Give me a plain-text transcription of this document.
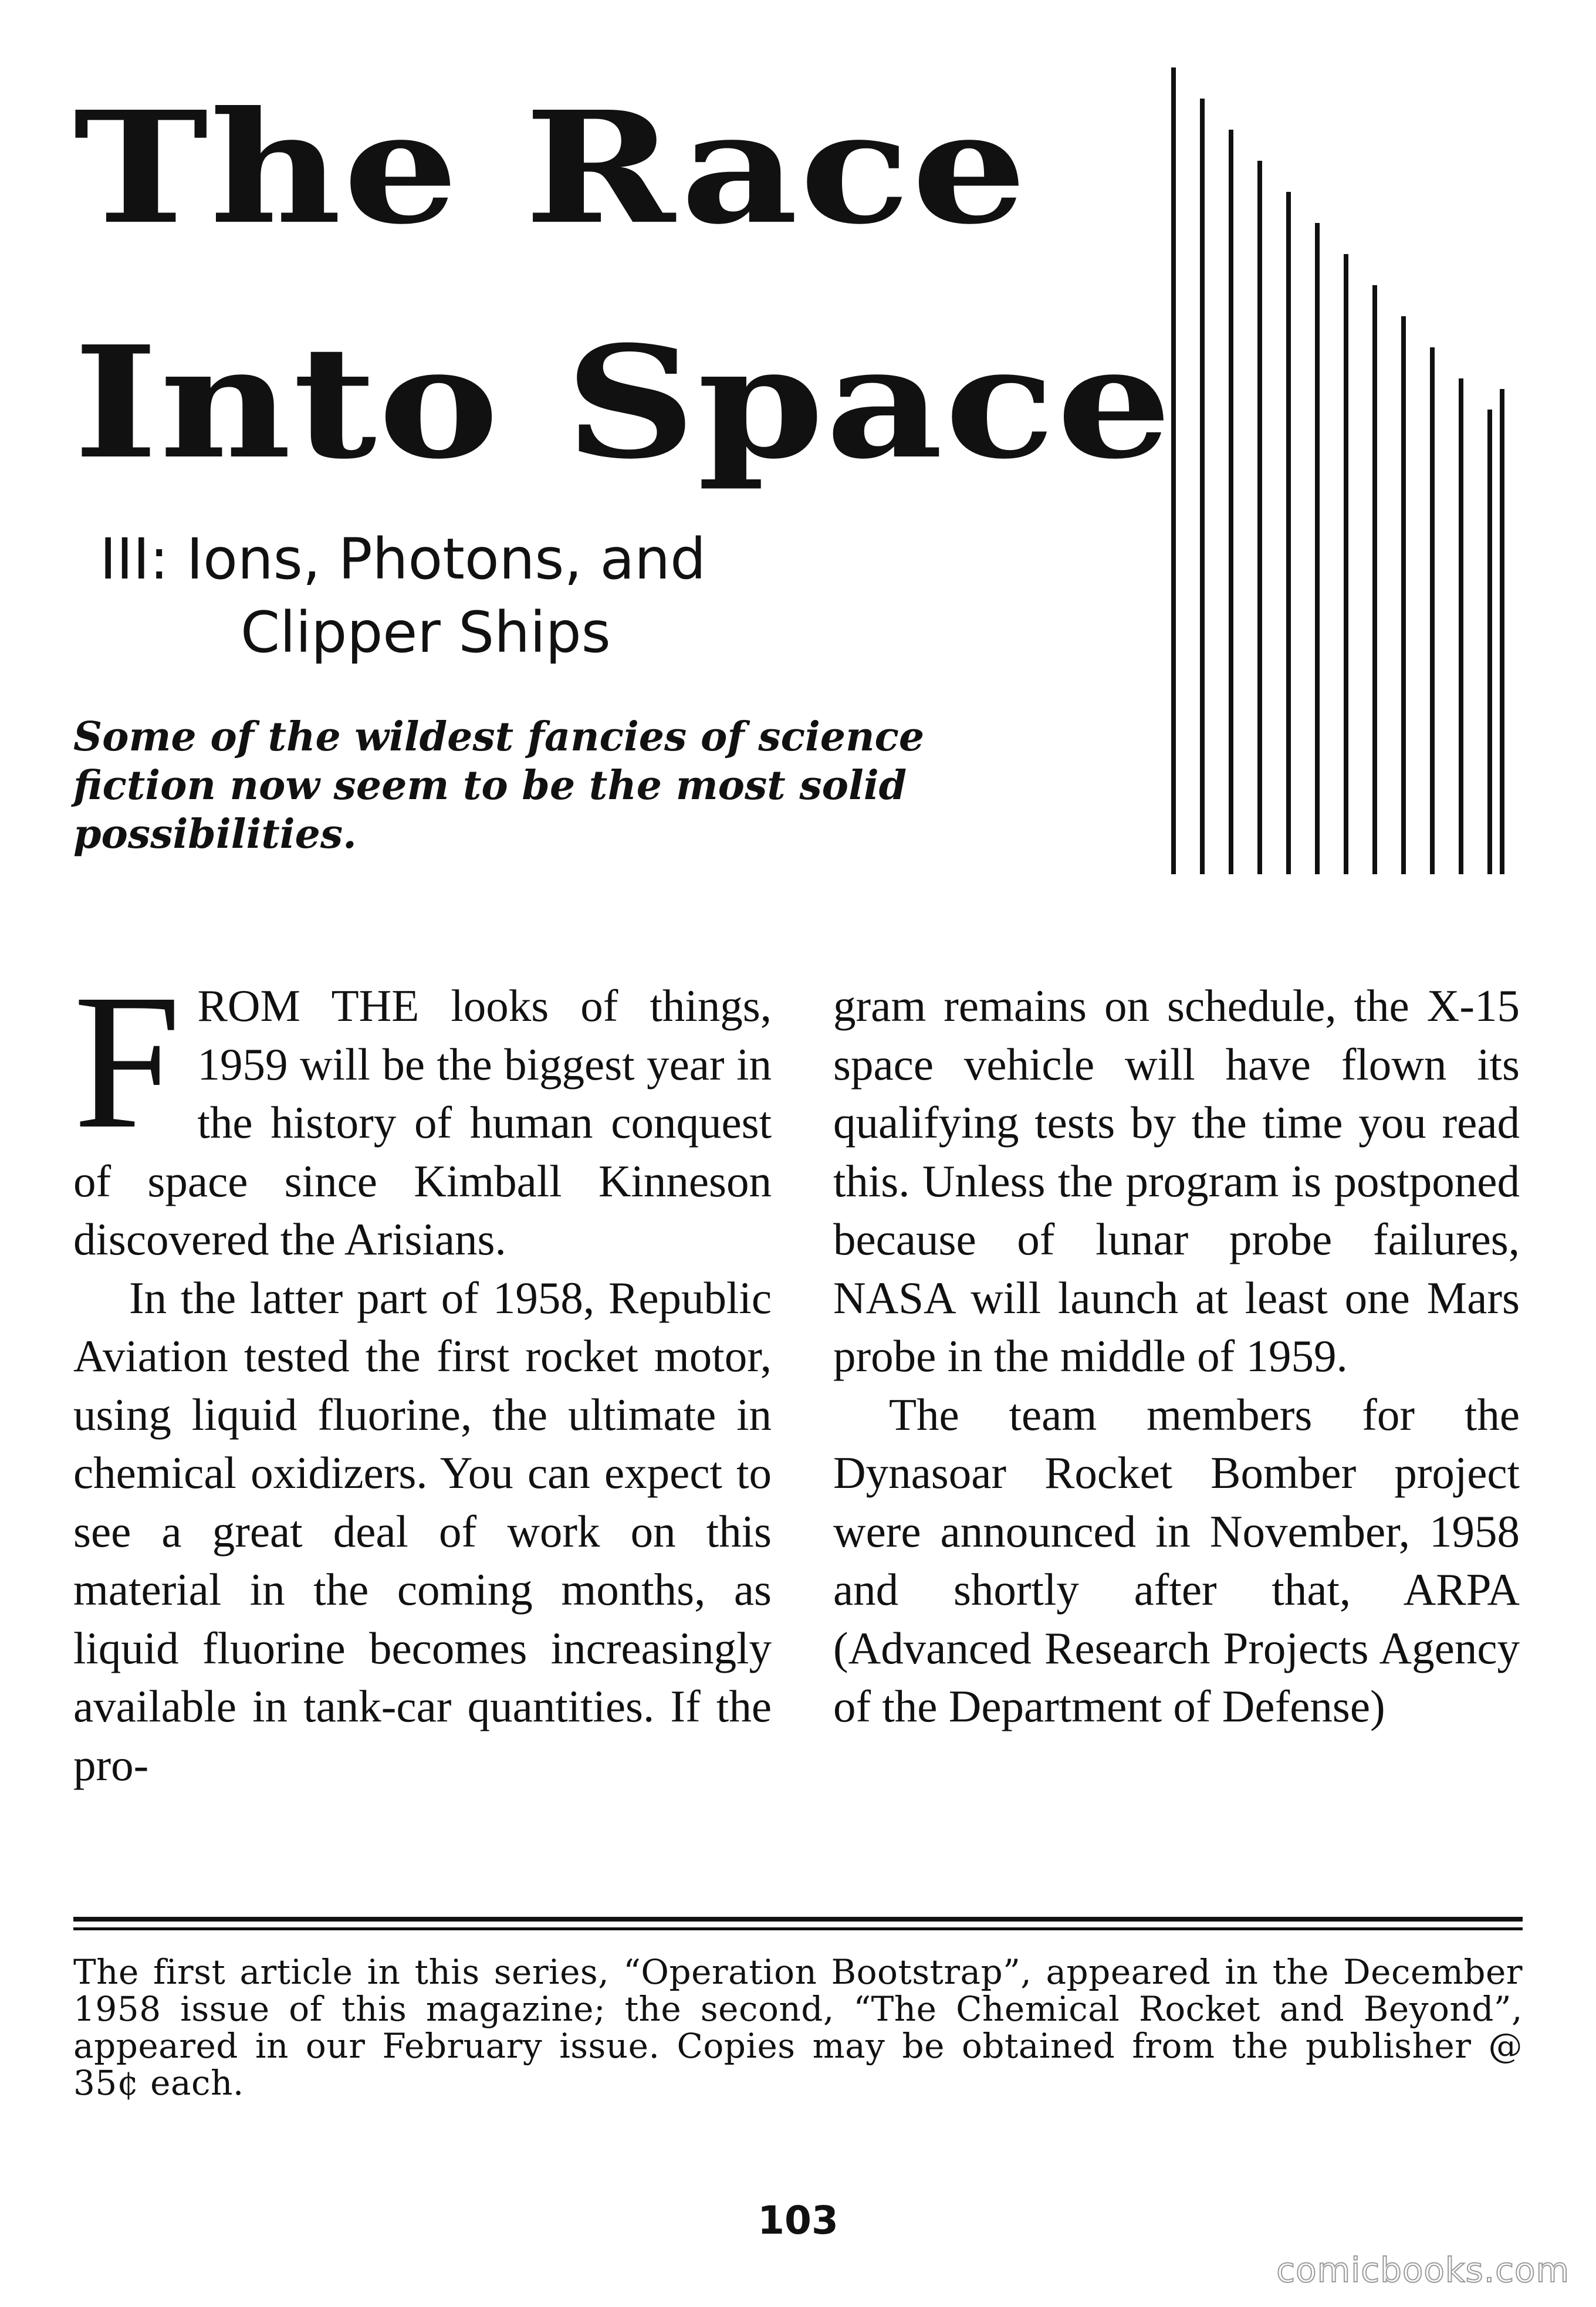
The Race
Into Space
III: Ions, Photons, and
Clipper Ships
Some of the wildest fancies of science fiction now seem to be the most solid possibilities.

FROM THE looks of things, 1959 will be the biggest year in the history of human conquest of space since Kimball Kinneson discovered the Arisians.

In the latter part of 1958, Republic Aviation tested the first rocket motor, using liquid fluorine, the ultimate in chemical oxidizers. You can expect to see a great deal of work on this material in the coming months, as liquid fluorine becomes increasingly available in tank-car quantities. If the pro-

gram remains on schedule, the X-15 space vehicle will have flown its qualifying tests by the time you read this. Unless the program is postponed because of lunar probe failures, NASA will launch at least one Mars probe in the middle of 1959.

The team members for the Dynasoar Rocket Bomber project were announced in November, 1958 and shortly after that, ARPA (Advanced Research Projects Agency of the Department of Defense)

The first article in this series, “Operation Bootstrap”, appeared in the December 1958 issue of this magazine; the second, “The Chemical Rocket and Beyond”, appeared in our February issue. Copies may be obtained from the publisher @ 35¢ each.
103
comicbooks.com
